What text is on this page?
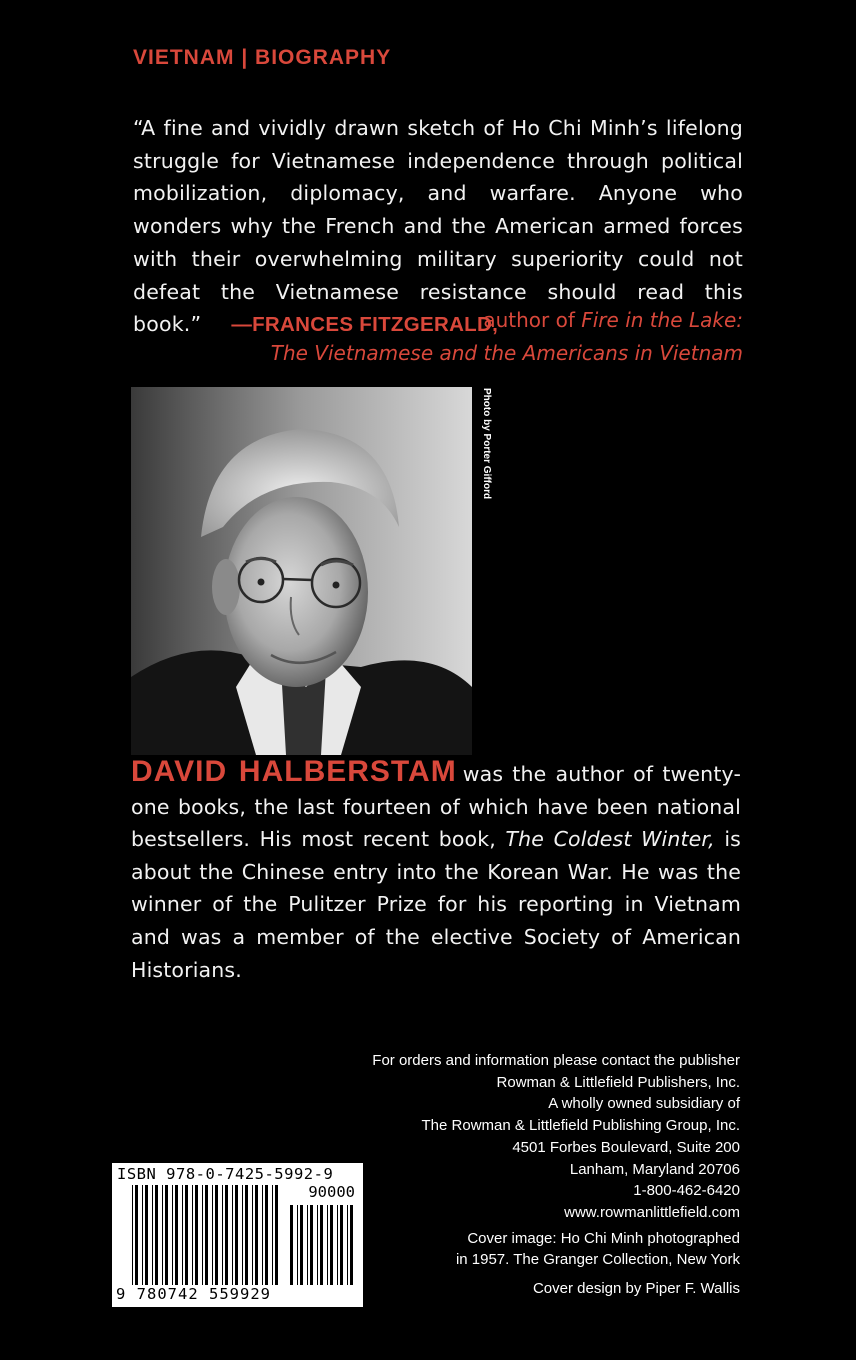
VIETNAM | BIOGRAPHY
“A fine and vividly drawn sketch of Ho Chi Minh’s lifelong struggle for Vietnamese independence through political mobilization, diplomacy, and warfare. Anyone who wonders why the French and the American armed forces with their overwhelming military superiority could not defeat the Vietnamese resistance should read this book.” —FRANCES FITZGERALD,
author of Fire in the Lake:
The Vietnamese and the Americans in Vietnam
Photo by Porter Gifford
DAVID HALBERSTAM was the author of twenty-one books, the last fourteen of which have been national bestsellers. His most recent book, The Coldest Winter, is about the Chinese entry into the Korean War. He was the winner of the Pulitzer Prize for his reporting in Vietnam and was a member of the elective Society of American Historians.
For orders and information please contact the publisher
Rowman & Littlefield Publishers, Inc.
A wholly owned subsidiary of
The Rowman & Littlefield Publishing Group, Inc.
4501 Forbes Boulevard, Suite 200
Lanham, Maryland 20706
1-800-462-6420
www.rowmanlittlefield.com
Cover image: Ho Chi Minh photographed
in 1957. The Granger Collection, New York
Cover design by Piper F. Wallis
ISBN 978-0-7425-5992-9
90000
9 780742 559929
